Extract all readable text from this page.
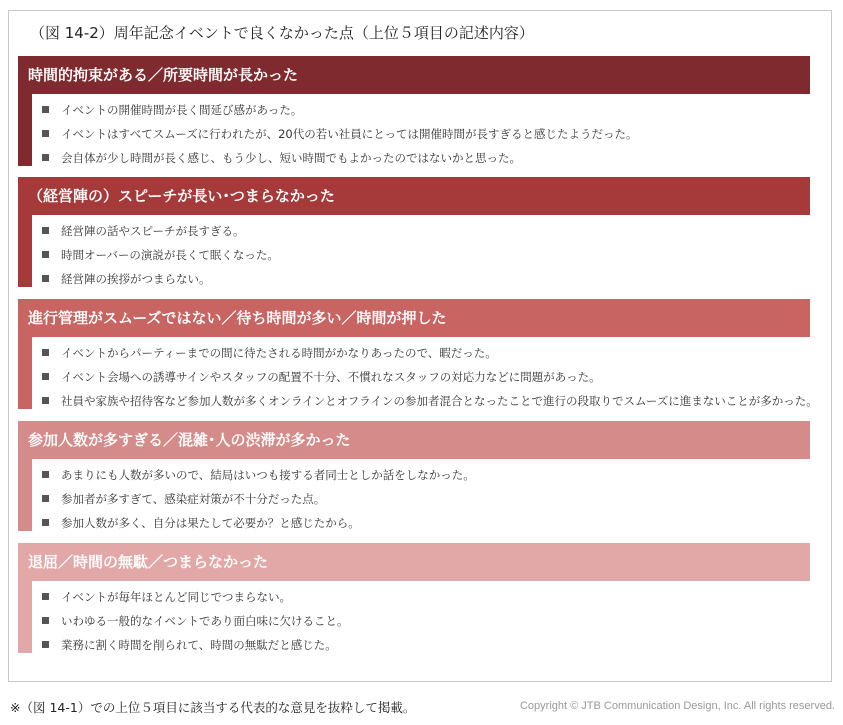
（図 14-2）周年記念イベントで良くなかった点（上位５項目の記述内容）
時間的拘束がある／所要時間が長かった
イベントの開催時間が長く間延び感があった。
イベントはすべてスムーズに行われたが、20代の若い社員にとっては開催時間が長すぎると感じたようだった。
会自体が少し時間が長く感じ、もう少し、短い時間でもよかったのではないかと思った。
（経営陣の）スピーチが長い･つまらなかった
経営陣の話やスピーチが長すぎる。
時間オーバーの演説が長くて眠くなった。
経営陣の挨拶がつまらない。
進行管理がスムーズではない／待ち時間が多い／時間が押した
イベントからパーティーまでの間に待たされる時間がかなりあったので、暇だった。
イベント会場への誘導サインやスタッフの配置不十分、不慣れなスタッフの対応力などに問題があった。
社員や家族や招待客など参加人数が多くオンラインとオフラインの参加者混合となったことで進行の段取りでスムーズに進まないことが多かった。
参加人数が多すぎる／混雑･人の渋滞が多かった
あまりにも人数が多いので、結局はいつも接する者同士としか話をしなかった。
参加者が多すぎて、感染症対策が不十分だった点。
参加人数が多く、自分は果たして必要か？と感じたから。
退屈／時間の無駄／つまらなかった
イベントが毎年ほとんど同じでつまらない。
いわゆる一般的なイベントであり面白味に欠けること。
業務に割く時間を削られて、時間の無駄だと感じた。
※（図 14-1）での上位５項目に該当する代表的な意見を抜粋して掲載。	Copyright © JTB Communication Design, Inc. All rights reserved.
